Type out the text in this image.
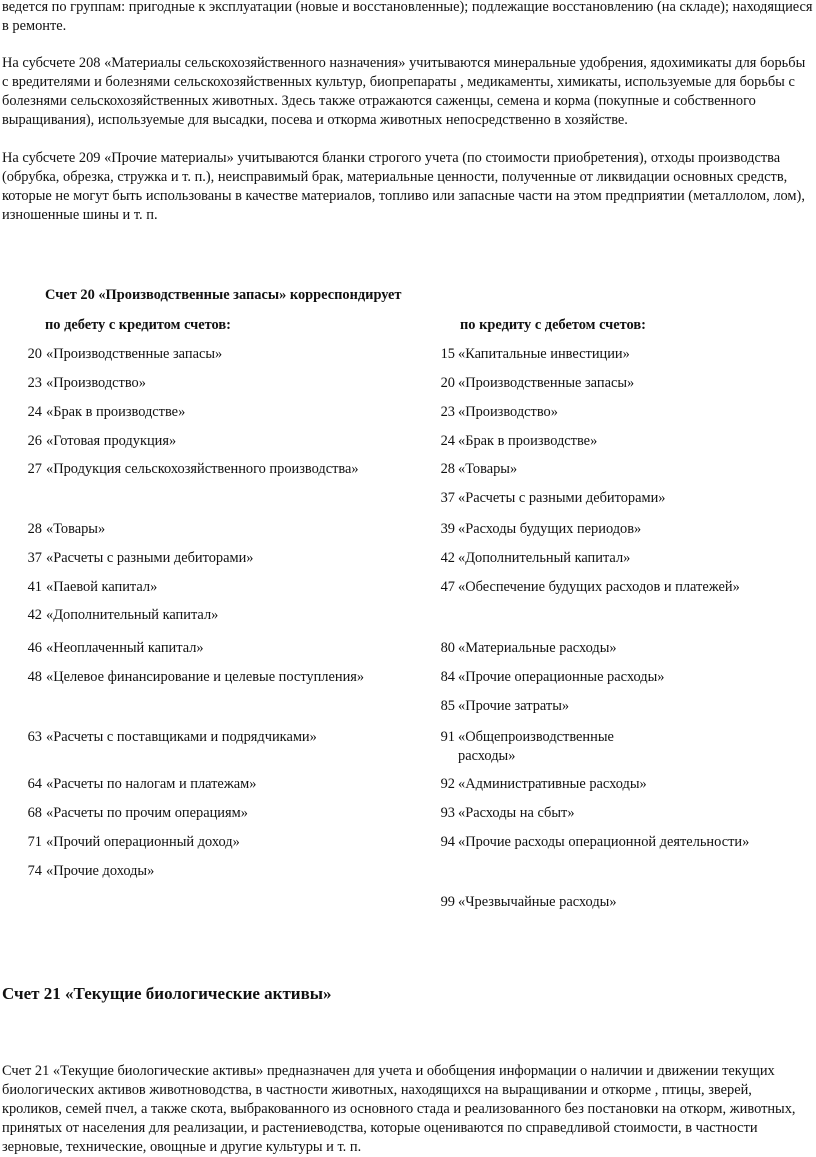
ведется по группам: пригодные к эксплуатации (новые и восстановленные); подлежащие восстановлению (на складе); находящиеся в ремонте.

На субсчете 208 «Материалы сельскохозяйственного назначения» учитываются минеральные удобрения, ядохимикаты для борьбы с вредителями и болезнями сельскохозяйственных культур, биопрепараты , медикаменты, химикаты, используемые для борьбы с болезнями сельскохозяйственных животных. Здесь также отражаются саженцы, семена и корма (покупные и собственного выращивания), используемые для высадки, посева и откорма животных непосредственно в хозяйстве.

На субсчете 209 «Прочие материалы» учитываются бланки строгого учета (по стоимости приобретения), отходы производства (обрубка, обрезка, стружка и т. п.), неисправимый брак, материальные ценности, полученные от ликвидации основных средств, которые не могут быть использованы в качестве материалов, топливо или запасные части на этом предприятии (металлолом, лом), изношенные шины и т. п.

Счет 20 «Производственные запасы» корреспондирует

по дебету с кредитом счетов:	по кредиту с дебетом счетов:

20 «Производственные запасы»
23 «Производство»
24 «Брак в производстве»
26 «Готовая продукция»
27 «Продукция сельскохозяйственного производства»
28 «Товары»
37 «Расчеты с разными дебиторами»
41 «Паевой капитал»
42 «Дополнительный капитал»
46 «Неоплаченный капитал»
48 «Целевое финансирование и целевые поступления»
63 «Расчеты с поставщиками и подрядчиками»
64 «Расчеты по налогам и платежам»
68 «Расчеты по прочим операциям»
71 «Прочий операционный доход»
74 «Прочие доходы»
15 «Капитальные инвестиции»
20 «Производственные запасы»
23 «Производство»
24 «Брак в производстве»
28 «Товары»
37 «Расчеты с разными дебиторами»
39 «Расходы будущих периодов»
42 «Дополнительный капитал»
47 «Обеспечение будущих расходов и платежей»
80 «Материальные расходы»
84 «Прочие операционные расходы»
85 «Прочие затраты»
91 «Общепроизводственные расходы»
92 «Административные расходы»
93 «Расходы на сбыт»
94 «Прочие расходы операционной деятельности»
99 «Чрезвычайные расходы»
Счет 21 «Текущие биологические активы»

Счет 21 «Текущие биологические активы» предназначен для учета и обобщения информации о наличии и движении текущих биологических активов животноводства, в частности животных, находящихся на выращивании и откорме , птицы, зверей, кроликов, семей пчел, а также скота, выбракованного из основного стада и реализованного без постановки на откорм, животных, принятых от населения для реализации, и растениеводства, которые оцениваются по справедливой стоимости, в частности зерновые, технические, овощные и другие культуры и т. п.
